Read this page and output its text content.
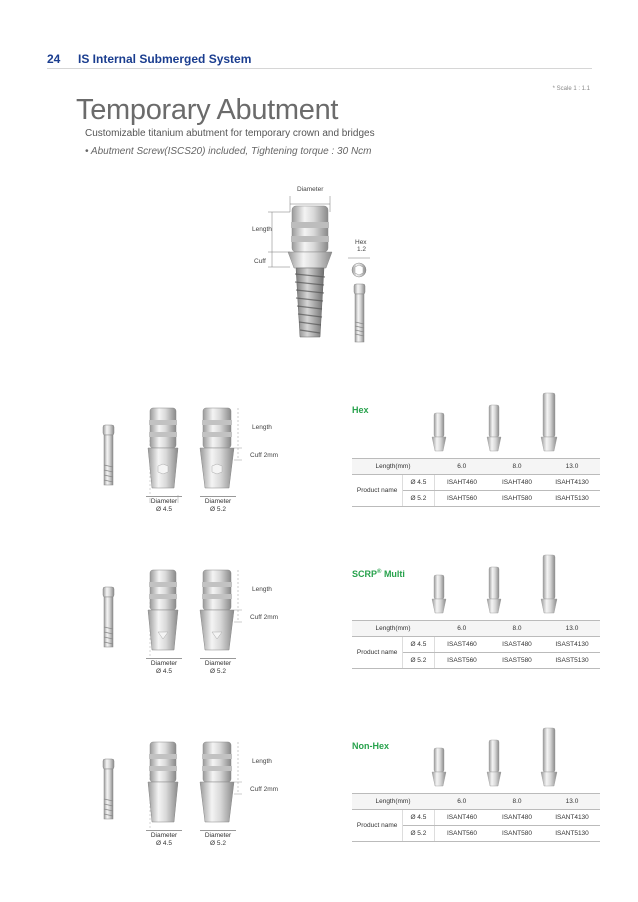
24 IS Internal Submerged System
* Scale 1 : 1.1
Temporary Abutment
Customizable titanium abutment for temporary crown and bridges
• Abutment Screw(ISCS20) included, Tightening torque : 30 Ncm
Diameter
Length
Cuff
Hex
1.2
Length
Cuff 2mm
Diameter
Ø 4.5
Diameter
Ø 5.2
Hex
Length(mm)		6.0	8.0	13.0
Product name	Ø 4.5	ISAHT460	ISAHT480	ISAHT4130
	Ø 5.2	ISAHT560	ISAHT580	ISAHT5130
Length
Cuff 2mm
Diameter
Ø 4.5
Diameter
Ø 5.2
SCRP® Multi
Length(mm)		6.0	8.0	13.0
Product name	Ø 4.5	ISAST460	ISAST480	ISAST4130
	Ø 5.2	ISAST560	ISAST580	ISAST5130
Length
Cuff 2mm
Diameter
Ø 4.5
Diameter
Ø 5.2
Non-Hex
Length(mm)		6.0	8.0	13.0
Product name	Ø 4.5	ISANT460	ISANT480	ISANT4130
	Ø 5.2	ISANT560	ISANT580	ISANT5130
